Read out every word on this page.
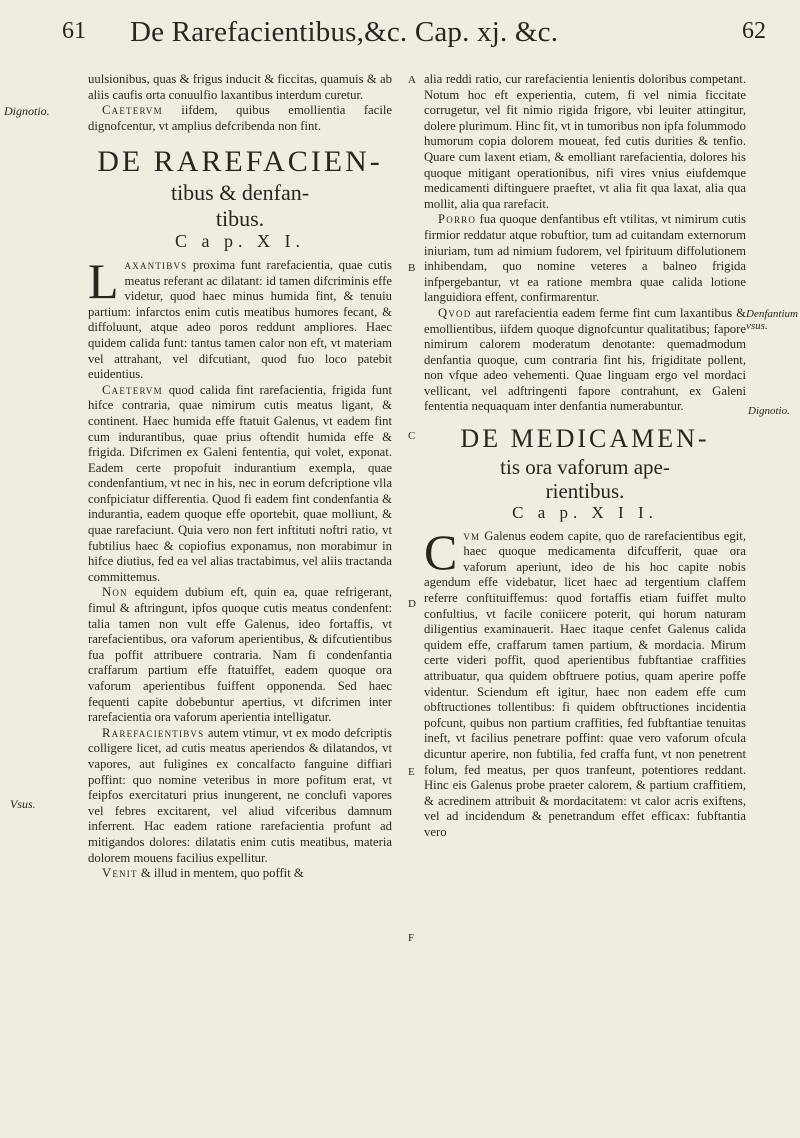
61 De Rarefacientibus,&c. Cap. xj. &c.	62
Dignotio.
Vsus.
Denfantium vsus.
Dignotio.
A
B
C
D
E
F

uulsionibus, quas & frigus inducit & ficcitas, quamuis & ab aliis caufis orta conuulfio laxantibus interdum curetur.

Caetervm iifdem, quibus emollientia facile dignofcentur, vt amplius defcribenda non fint.

DE RAREFACIEN-
tibus & denfan-
tibus.
C a p. X I.

Laxantibvs proxima funt rarefacientia, quae cutis meatus referant ac dilatant: id tamen difcriminis effe videtur, quod haec minus humida fint, & tenuiu partium: infarctos enim cutis meatibus humores fecant, & diffoluunt, atque adeo poros reddunt ampliores. Haec quidem calida funt: tantus tamen calor non eft, vt materiam vel attrahant, vel difcutiant, quod fuo loco patebit euidentius.

Caetervm quod calida fint rarefacientia, frigida funt hifce contraria, quae nimirum cutis meatus ligant, & continent. Haec humida effe ftatuit Galenus, vt eadem fint cum indurantibus, quae prius oftendit humida effe & frigida. Difcrimen ex Galeni fententia, qui volet, exponat. Eadem certe propofuit indurantium exempla, quae condenfantium, vt nec in his, nec in eorum defcriptione vlla confpiciatur differentia. Quod fi eadem fint condenfantia & indurantia, eadem quoque effe oportebit, quae molliunt, & quae rarefaciunt. Quia vero non fert inftituti noftri ratio, vt fubtilius haec & copiofius exponamus, non morabimur in hifce diutius, fed ea vel alias tractabimus, vel aliis tractanda committemus.

Non equidem dubium eft, quin ea, quae refrigerant, fimul & aftringunt, ipfos quoque cutis meatus condenfent: talia tamen non vult effe Galenus, ideo fortaffis, vt rarefacientibus, ora vaforum aperientibus, & difcutientibus fua poffit attribuere contraria. Nam fi condenfantia craffarum partium effe ftatuiffet, eadem quoque ora vaforum aperientibus fuiffent opponenda. Sed haec fequenti capite dobebuntur apertius, vt difcrimen inter rarefacientia ora vaforum aperientia intelligatur.

Rarefacientibvs autem vtimur, vt ex modo defcriptis colligere licet, ad cutis meatus aperiendos & dilatandos, vt vapores, aut fuligines ex concalfacto fanguine diffiari poffint: quo nomine veteribus in more pofitum erat, vt feipfos exercitaturi prius inungerent, ne conclufi vapores vel febres excitarent, vel aliud vifceribus damnum inferrent. Hac eadem ratione rarefacientia profunt ad mitigandos dolores: dilatatis enim cutis meatibus, materia dolorem mouens facilius expellitur.

Venit & illud in mentem, quo poffit &

alia reddi ratio, cur rarefacientia lenientis doloribus competant. Notum hoc eft experientia, cutem, fi vel nimia ficcitate corrugetur, vel fit nimio rigida frigore, vbi leuiter attingitur, dolere plurimum. Hinc fit, vt in tumoribus non ipfa folummodo humorum copia dolorem moueat, fed cutis durities & tenfio. Quare cum laxent etiam, & emolliant rarefacientia, dolores his quoque mitigant operationibus, nifi vires vnius eiufdemque medicamenti diftinguere praeftet, vt alia fit qua laxat, alia qua mollit, alia qua rarefacit.

Porro fua quoque denfantibus eft vtilitas, vt nimirum cutis firmior reddatur atque robuftior, tum ad cuitandam externorum iniuriam, tum ad nimium fudorem, vel fpirituum diffolutionem inhibendam, quo nomine veteres a balneo frigida infpergebantur, vt ea ratione membra quae calida lotione languidiora effent, confirmarentur.

Qvod aut rarefacientia eadem ferme fint cum laxantibus & emollientibus, iifdem quoque dignofcuntur qualitatibus; fapore nimirum calorem moderatum denotante: quemadmodum denfantia quoque, cum contraria fint his, frigiditate pollent, non vfque adeo vehementi. Quae linguam ergo vel mordaci vellicant, vel adftringenti fapore contrahunt, ex Galeni fententia nequaquam inter denfantia numerabuntur.

DE MEDICAMEN-
tis ora vaforum ape-
rientibus.
C a p. X I I.

Cvm Galenus eodem capite, quo de rarefacientibus egit, haec quoque medicamenta difcufferit, quae ora vaforum aperiunt, ideo de his hoc capite nobis agendum effe videbatur, licet haec ad tergentium claffem referre conftituiffemus: quod fortaffis etiam fuiffet multo confultius, vt facile coniicere poterit, qui horum naturam diligentius examinauerit. Haec itaque cenfet Galenus calida quidem effe, craffarum tamen partium, & mordacia. Mirum certe videri poffit, quod aperientibus fubftantiae craffities attribuatur, qua quidem obftruere potius, quam aperire poffe videntur. Sciendum eft igitur, haec non eadem effe cum obftructiones tollentibus: fi quidem obftructiones incidentia pofcunt, quibus non partium craffities, fed fubftantiae tenuitas ineft, vt facilius penetrare poffint: quae vero vaforum ofcula dicuntur aperire, non fubtilia, fed craffa funt, vt non penetrent folum, fed meatus, per quos tranfeunt, potentiores reddant. Hinc eis Galenus probe praeter calorem, & partium craffitiem, & acredinem attribuit & mordacitatem: vt calor acris exiftens, vel ad incidendum & penetrandum effet efficax: fubftantia vero
